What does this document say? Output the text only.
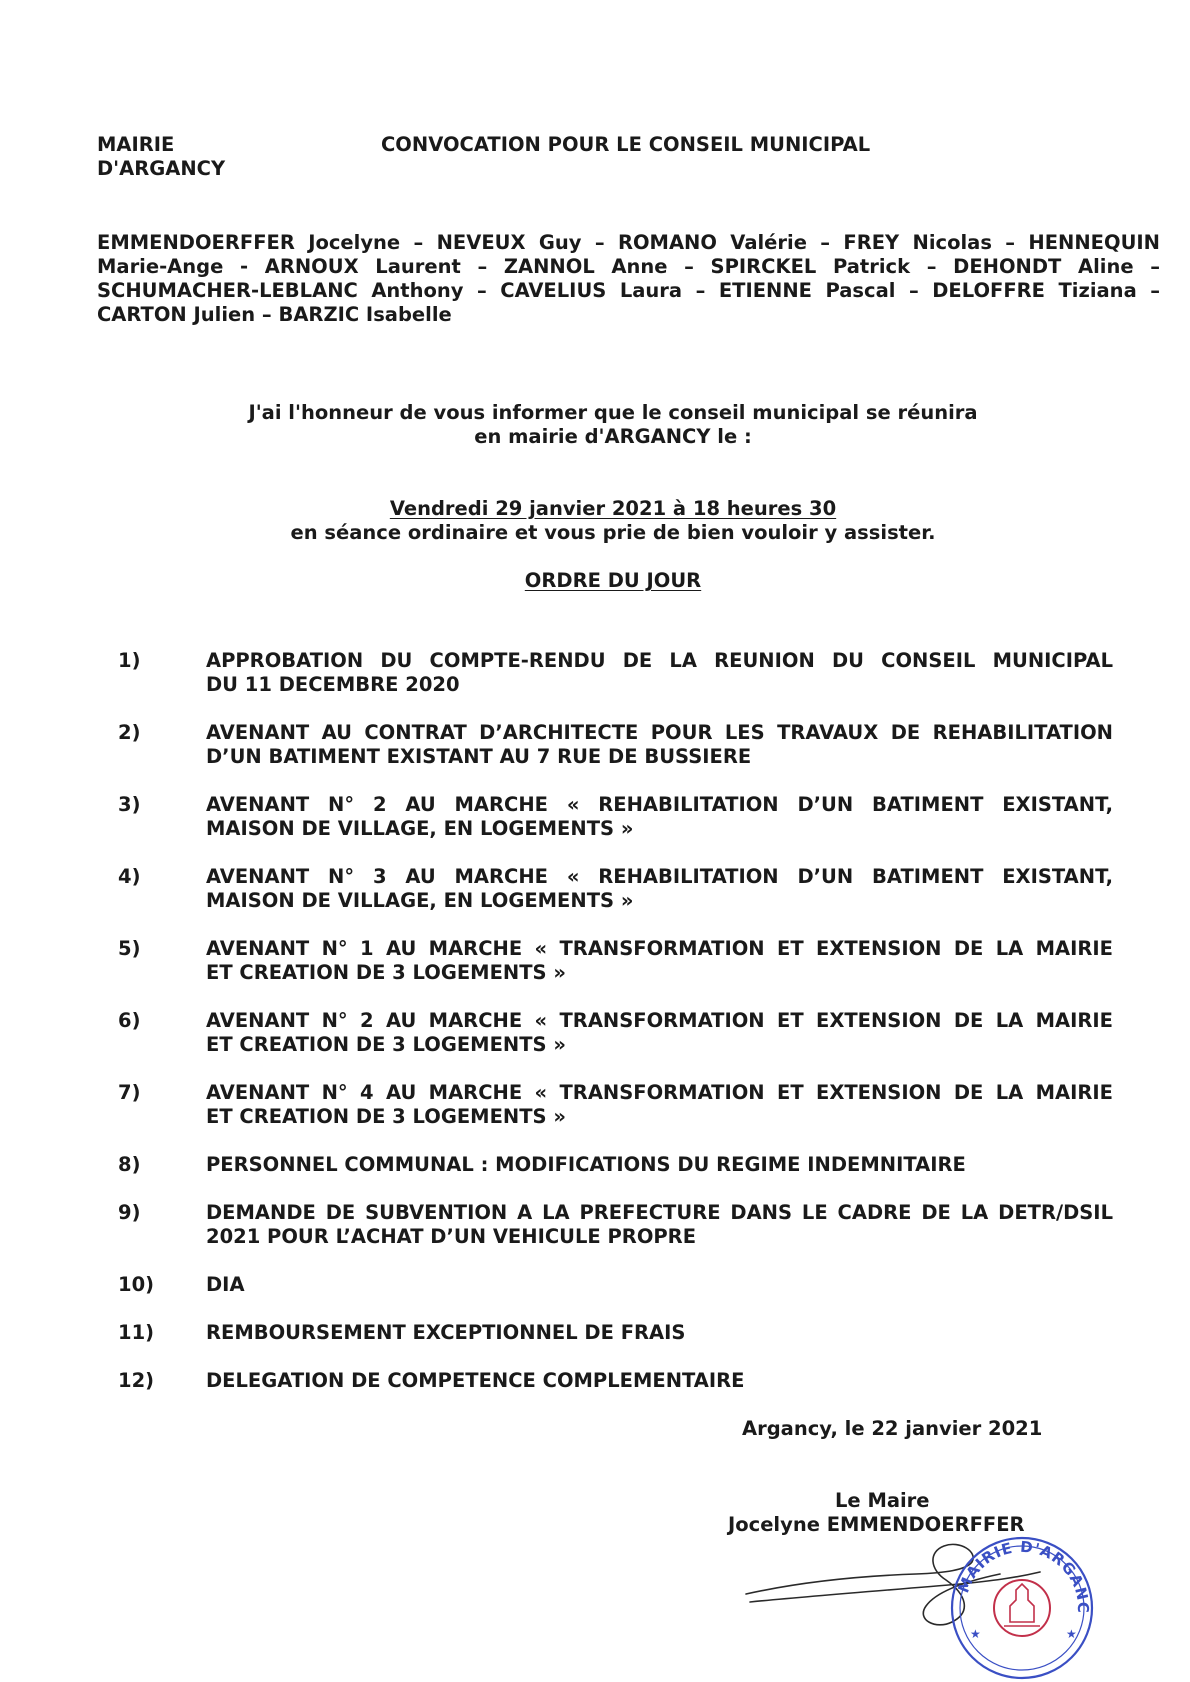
MAIRIE
D'ARGANCY
CONVOCATION POUR LE CONSEIL MUNICIPAL
EMMENDOERFFER Jocelyne – NEVEUX Guy – ROMANO Valérie – FREY Nicolas – HENNEQUIN
Marie-Ange - ARNOUX Laurent – ZANNOL Anne – SPIRCKEL Patrick – DEHONDT Aline –
SCHUMACHER-LEBLANC Anthony – CAVELIUS Laura – ETIENNE Pascal – DELOFFRE Tiziana –
CARTON Julien – BARZIC Isabelle
J'ai l'honneur de vous informer que le conseil municipal se réunira
en mairie d'ARGANCY le :
Vendredi 29 janvier 2021 à 18 heures 30
en séance ordinaire et vous prie de bien vouloir y assister.
ORDRE DU JOUR
1)	APPROBATION DU COMPTE-RENDU DE LA REUNION DU CONSEIL MUNICIPAL
DU 11 DECEMBRE 2020
2)	AVENANT AU CONTRAT D’ARCHITECTE POUR LES TRAVAUX DE REHABILITATION
D’UN BATIMENT EXISTANT AU 7 RUE DE BUSSIERE
3)	AVENANT N° 2 AU MARCHE « REHABILITATION D’UN BATIMENT EXISTANT,
MAISON DE VILLAGE, EN LOGEMENTS »
4)	AVENANT N° 3 AU MARCHE « REHABILITATION D’UN BATIMENT EXISTANT,
MAISON DE VILLAGE, EN LOGEMENTS »
5)	AVENANT N° 1 AU MARCHE « TRANSFORMATION ET EXTENSION DE LA MAIRIE
ET CREATION DE 3 LOGEMENTS »
6)	AVENANT N° 2 AU MARCHE « TRANSFORMATION ET EXTENSION DE LA MAIRIE
ET CREATION DE 3 LOGEMENTS »
7)	AVENANT N° 4 AU MARCHE « TRANSFORMATION ET EXTENSION DE LA MAIRIE
ET CREATION DE 3 LOGEMENTS »
8)	PERSONNEL COMMUNAL : MODIFICATIONS DU REGIME INDEMNITAIRE
9)	DEMANDE DE SUBVENTION A LA PREFECTURE DANS LE CADRE DE LA DETR/DSIL
2021 POUR L’ACHAT D’UN VEHICULE PROPRE
10)	DIA
11)	REMBOURSEMENT EXCEPTIONNEL DE FRAIS
12)	DELEGATION DE COMPETENCE COMPLEMENTAIRE
Argancy, le 22 janvier 2021
Le Maire
Jocelyne EMMENDOERFFER
MAIRIE D'ARGANCY
★	★
